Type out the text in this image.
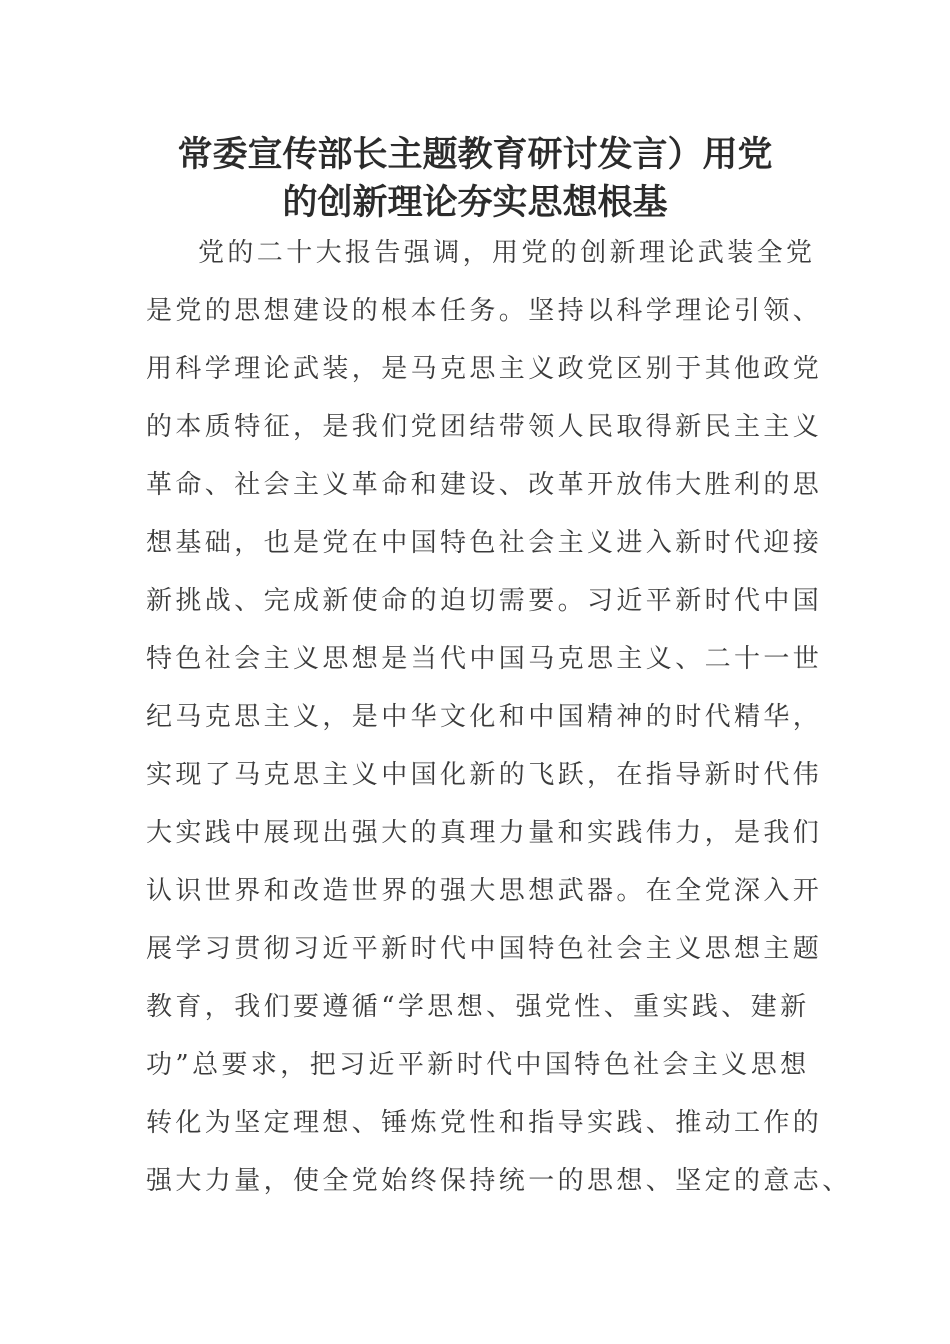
常委宣传部长主题教育研讨发言）用党
的创新理论夯实思想根基

党的二十大报告强调，用党的创新理论武装全党

是党的思想建设的根本任务。坚持以科学理论引领、

用科学理论武装，是马克思主义政党区别于其他政党

的本质特征，是我们党团结带领人民取得新民主主义

革命、社会主义革命和建设、改革开放伟大胜利的思

想基础，也是党在中国特色社会主义进入新时代迎接

新挑战、完成新使命的迫切需要。习近平新时代中国

特色社会主义思想是当代中国马克思主义、二十一世

纪马克思主义，是中华文化和中国精神的时代精华，

实现了马克思主义中国化新的飞跃，在指导新时代伟

大实践中展现出强大的真理力量和实践伟力，是我们

认识世界和改造世界的强大思想武器。在全党深入开

展学习贯彻习近平新时代中国特色社会主义思想主题

教育，我们要遵循“学思想、强党性、重实践、建新

功”总要求，把习近平新时代中国特色社会主义思想

转化为坚定理想、锤炼党性和指导实践、推动工作的

强大力量，使全党始终保持统一的思想、坚定的意志、
